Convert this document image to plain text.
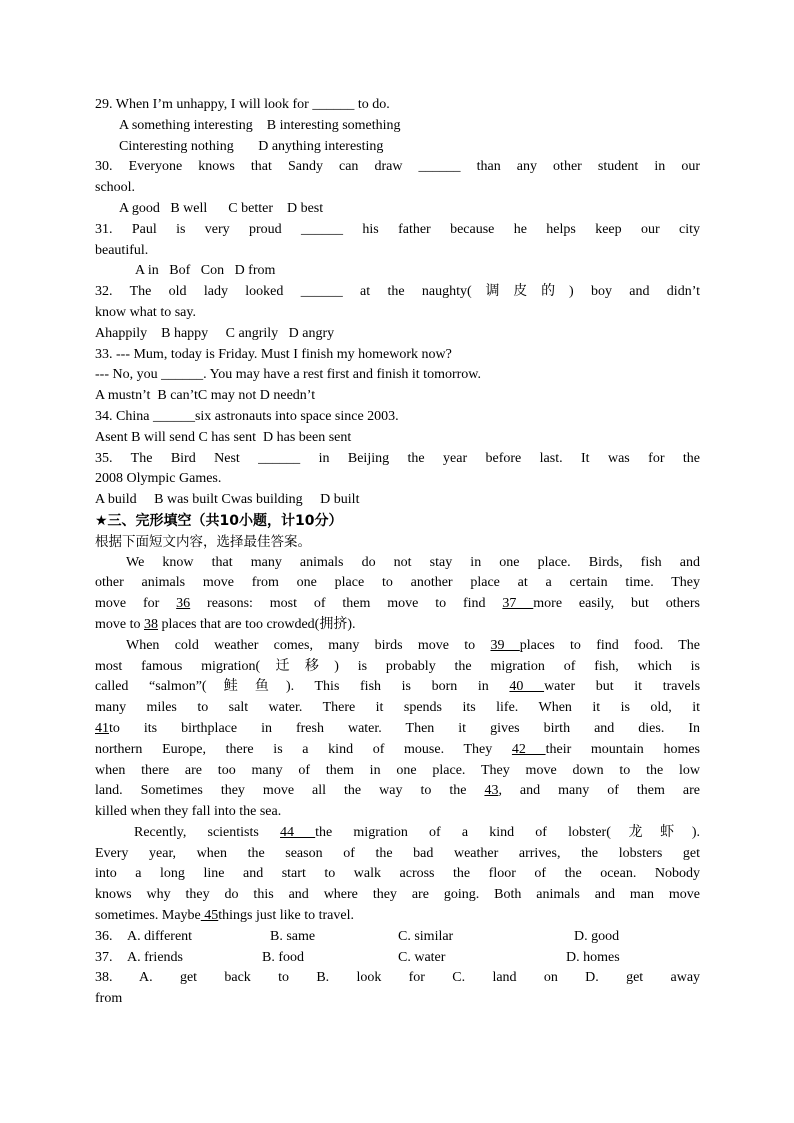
29. When I’m unhappy, I will look for ______ to do.
A something interesting    B interesting something
Cinteresting nothing       D anything interesting
30. Everyone knows that Sandy can draw ______ than any other student in our
school.
A good   B well      C better    D best
31. Paul is very proud ______ his father because he helps keep our city
beautiful.
A in   Bof   Con   D from
32. The old lady looked ______ at the naughty(调皮的) boy and didn’t
know what to say.
Ahappily    B happy     C angrily   D angry
33. --- Mum, today is Friday. Must I finish my homework now?
--- No, you ______. You may have a rest first and finish it tomorrow.
A mustn’t  B can’tC may not D needn’t
34. China ______six astronauts into space since 2003.
Asent B will send C has sent  D has been sent
35. The Bird Nest ______ in Beijing the year before last. It was for the
2008 Olympic Games.
A build     B was built Cwas building     D built
★三、完形填空（共10小题，计10分）
根据下面短文内容，选择最佳答案。
We know that many animals do not stay in one place. Birds, fish and
other animals move from one place to another place at a certain time. They
move for 36 reasons: most of them move to find 37 more easily, but others
move to 38 places that are too crowded(拥挤).
When cold weather comes, many birds move to 39 places to find food. The
most famous migration(迁移) is probably the migration of fish, which is
called “salmon”(鲑鱼). This fish is born in 40 water but it travels
many miles to salt water. There it spends its life. When it is old, it
41to its birthplace in fresh water. Then it gives birth and dies. In
northern Europe, there is a kind of mouse. They 42 their mountain homes
when there are too many of them in one place. They move down to the low
land. Sometimes they move all the way to the 43, and many of them are
killed when they fall into the sea.
Recently, scientists 44 the migration of a kind of lobster(龙虾).
Every year, when the season of the bad weather arrives, the lobsters get
into a long line and start to walk across the floor of the ocean. Nobody
knows why they do this and where they are going. Both animals and man move
sometimes. Maybe 45things just like to travel.
36. A. different	B. same	C. similar	D. good
37. A. friends	B. food	C. water	D. homes
38. A. get back to B. look for C. land on D. get away
from
